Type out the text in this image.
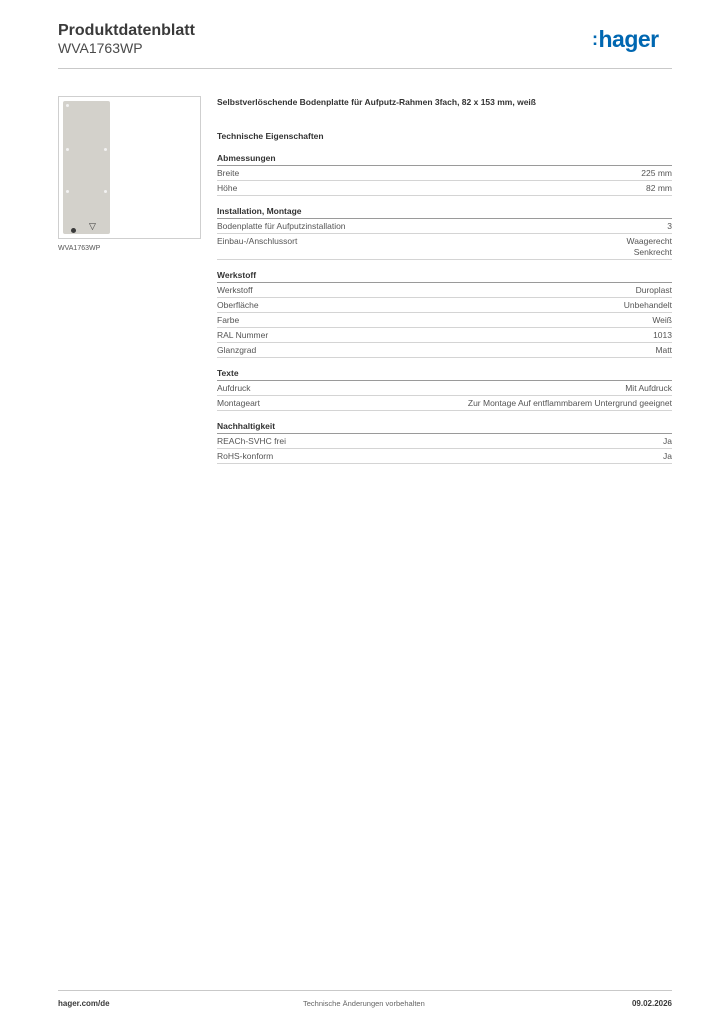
Produktdatenblatt
WVA1763WP	:hager
▽
WVA1763WP
Selbstverlöschende Bodenplatte für Aufputz-Rahmen 3fach, 82 x 153 mm, weiß
Technische Eigenschaften
Abmessungen
Breite	225 mm
Höhe	82 mm
Installation, Montage
Bodenplatte für Aufputzinstallation	3
Einbau-/Anschlussort	Waagerecht
Senkrecht
Werkstoff
Werkstoff	Duroplast
Oberfläche	Unbehandelt
Farbe	Weiß
RAL Nummer	1013
Glanzgrad	Matt
Texte
Aufdruck	Mit Aufdruck
Montageart	Zur Montage Auf entflammbarem Untergrund geeignet
Nachhaltigkeit
REACh-SVHC frei	Ja
RoHS-konform	Ja
hager.com/de	Technische Änderungen vorbehalten	09.02.2026
